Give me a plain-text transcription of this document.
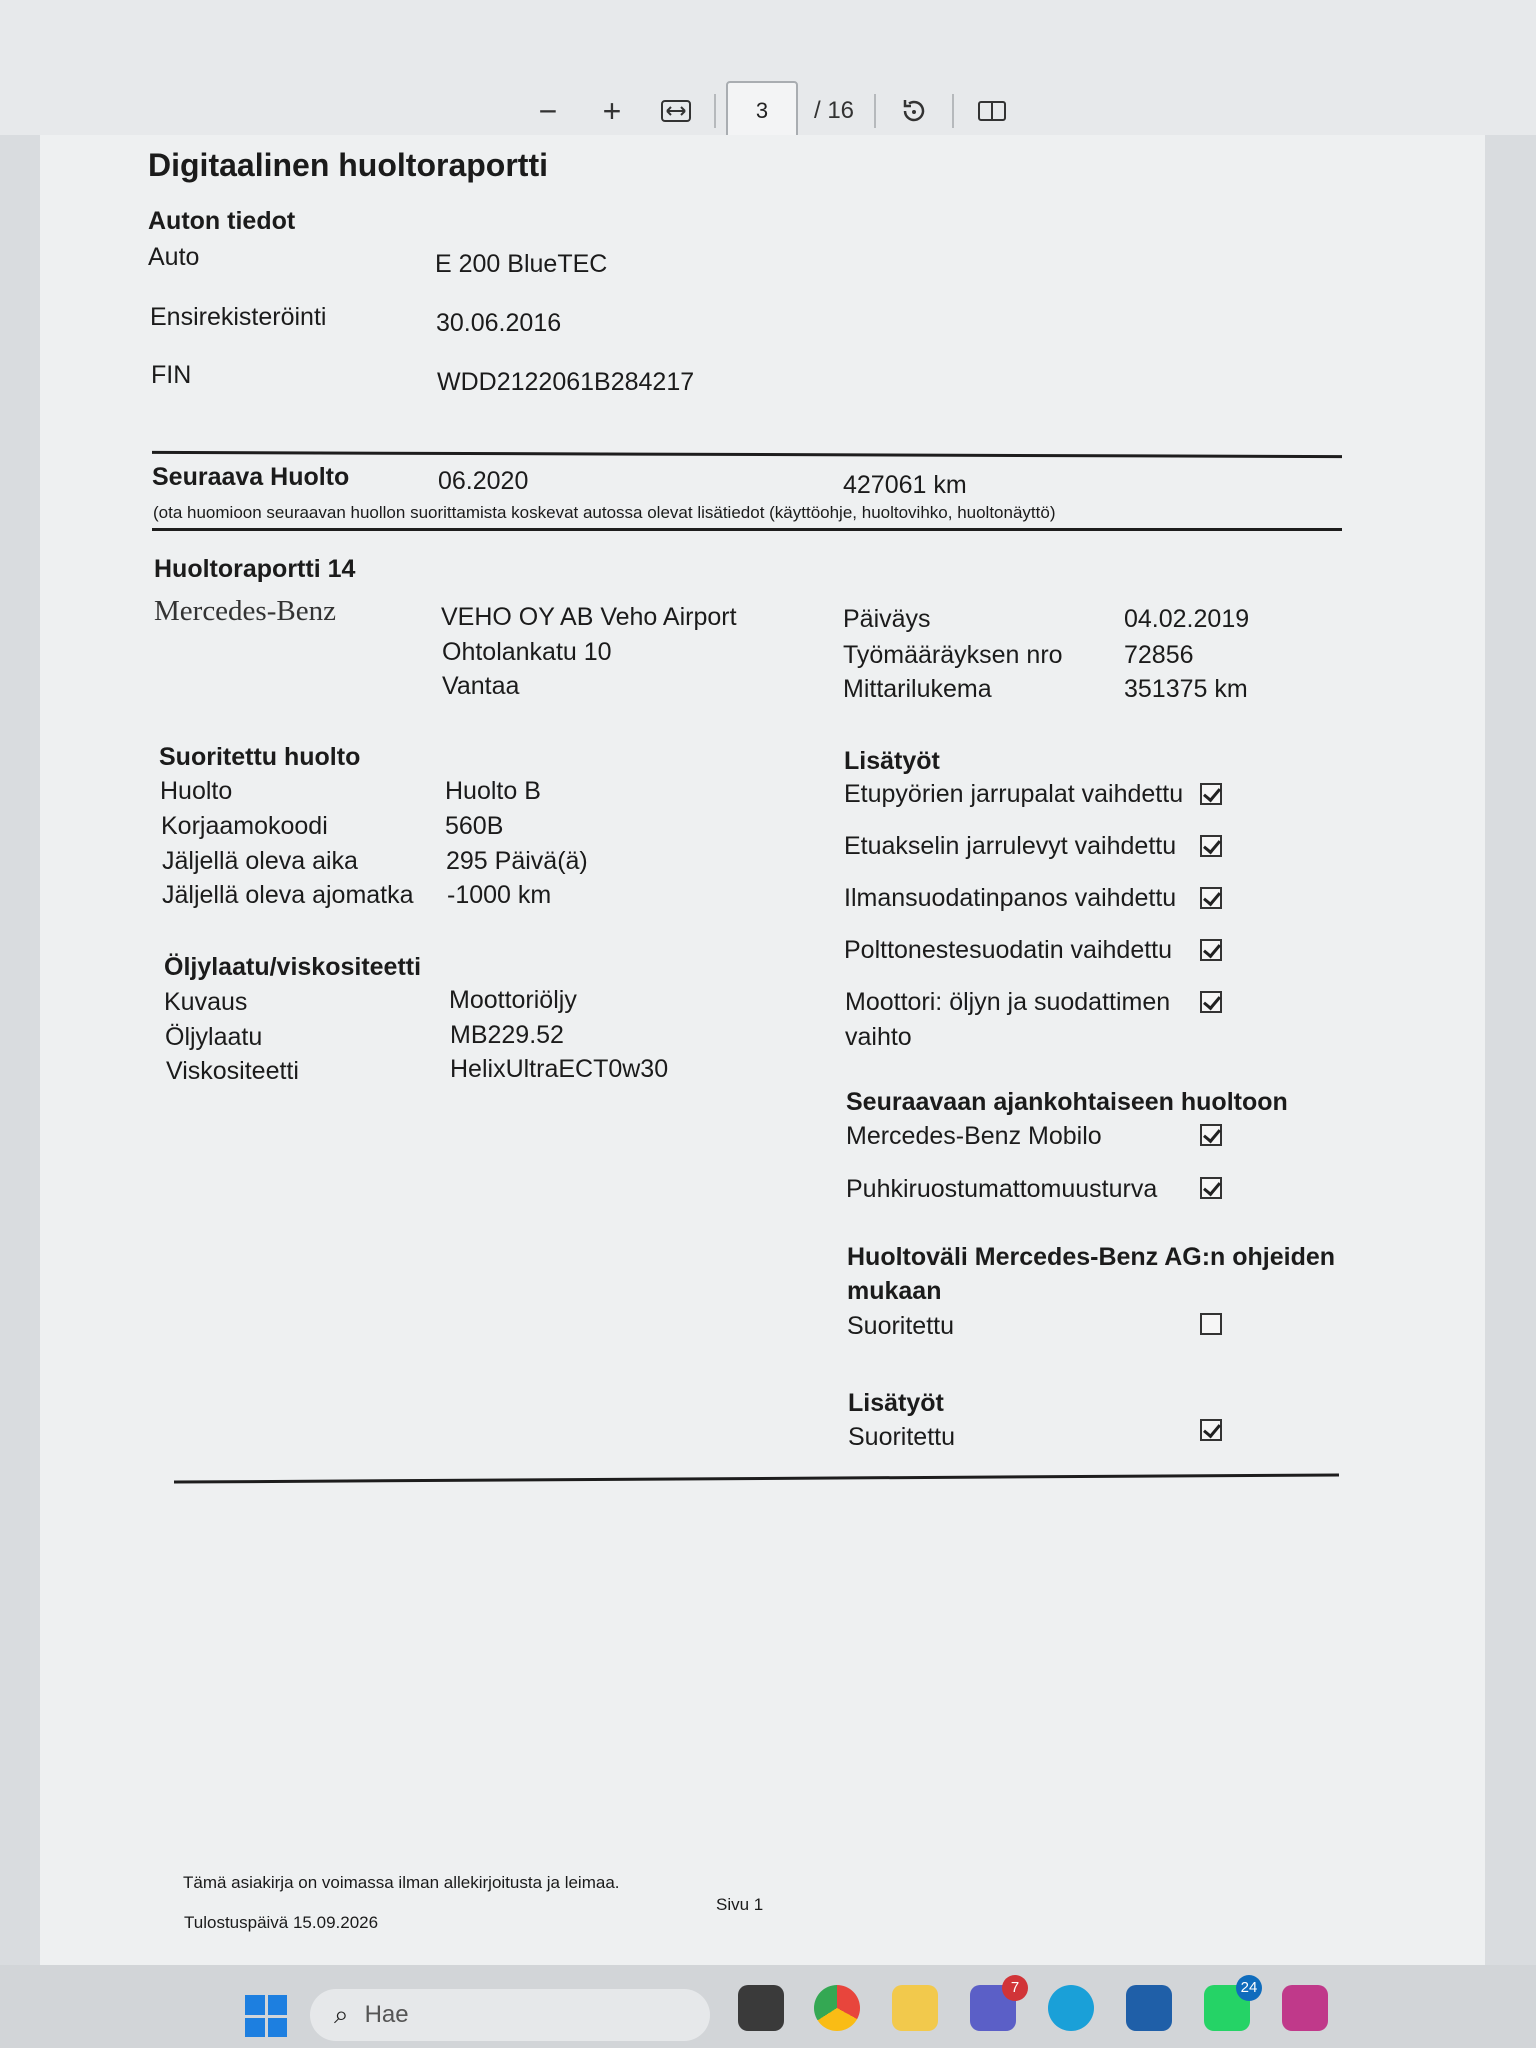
−	+
3	/ 16
Digitaalinen huoltoraportti
Auton tiedot
Auto	E 200 BlueTEC
Ensirekisteröinti	30.06.2016
FIN	WDD2122061B284217
Seuraava Huolto	06.2020	427061 km
(ota huomioon seuraavan huollon suorittamista koskevat autossa olevat lisätiedot (käyttöohje, huoltovihko, huoltonäyttö)
Huoltoraportti 14
Mercedes-Benz	VEHO OY AB Veho Airport
Ohtolankatu 10
Vantaa
Päiväys	04.02.2019
Työmääräyksen nro 72856
Mittarilukema	351375 km
Suoritettu huolto
Huolto	Huolto B
Korjaamokoodi	560B
Jäljellä oleva aika	295 Päivä(ä)
Jäljellä oleva ajomatka -1000 km
Öljylaatu/viskositeetti
Kuvaus	Moottoriöljy
Öljylaatu	MB229.52
Viskositeetti	HelixUltraECT0w30
Lisätyöt
Etupyörien jarrupalat vaihdettu
Etuakselin jarrulevyt vaihdettu
Ilmansuodatinpanos vaihdettu
Polttonestesuodatin vaihdettu
Moottori: öljyn ja suodattimen
vaihto
Seuraavaan ajankohtaiseen huoltoon
Mercedes-Benz Mobilo
Puhkiruostumattomuusturva
Huoltoväli Mercedes-Benz AG:n ohjeiden
mukaan
Suoritettu
Lisätyöt
Suoritettu
Tämä asiakirja on voimassa ilman allekirjoitusta ja leimaa.
Tulostuspäivä 15.09.2026
Sivu 1
⌕ Hae
7	24
